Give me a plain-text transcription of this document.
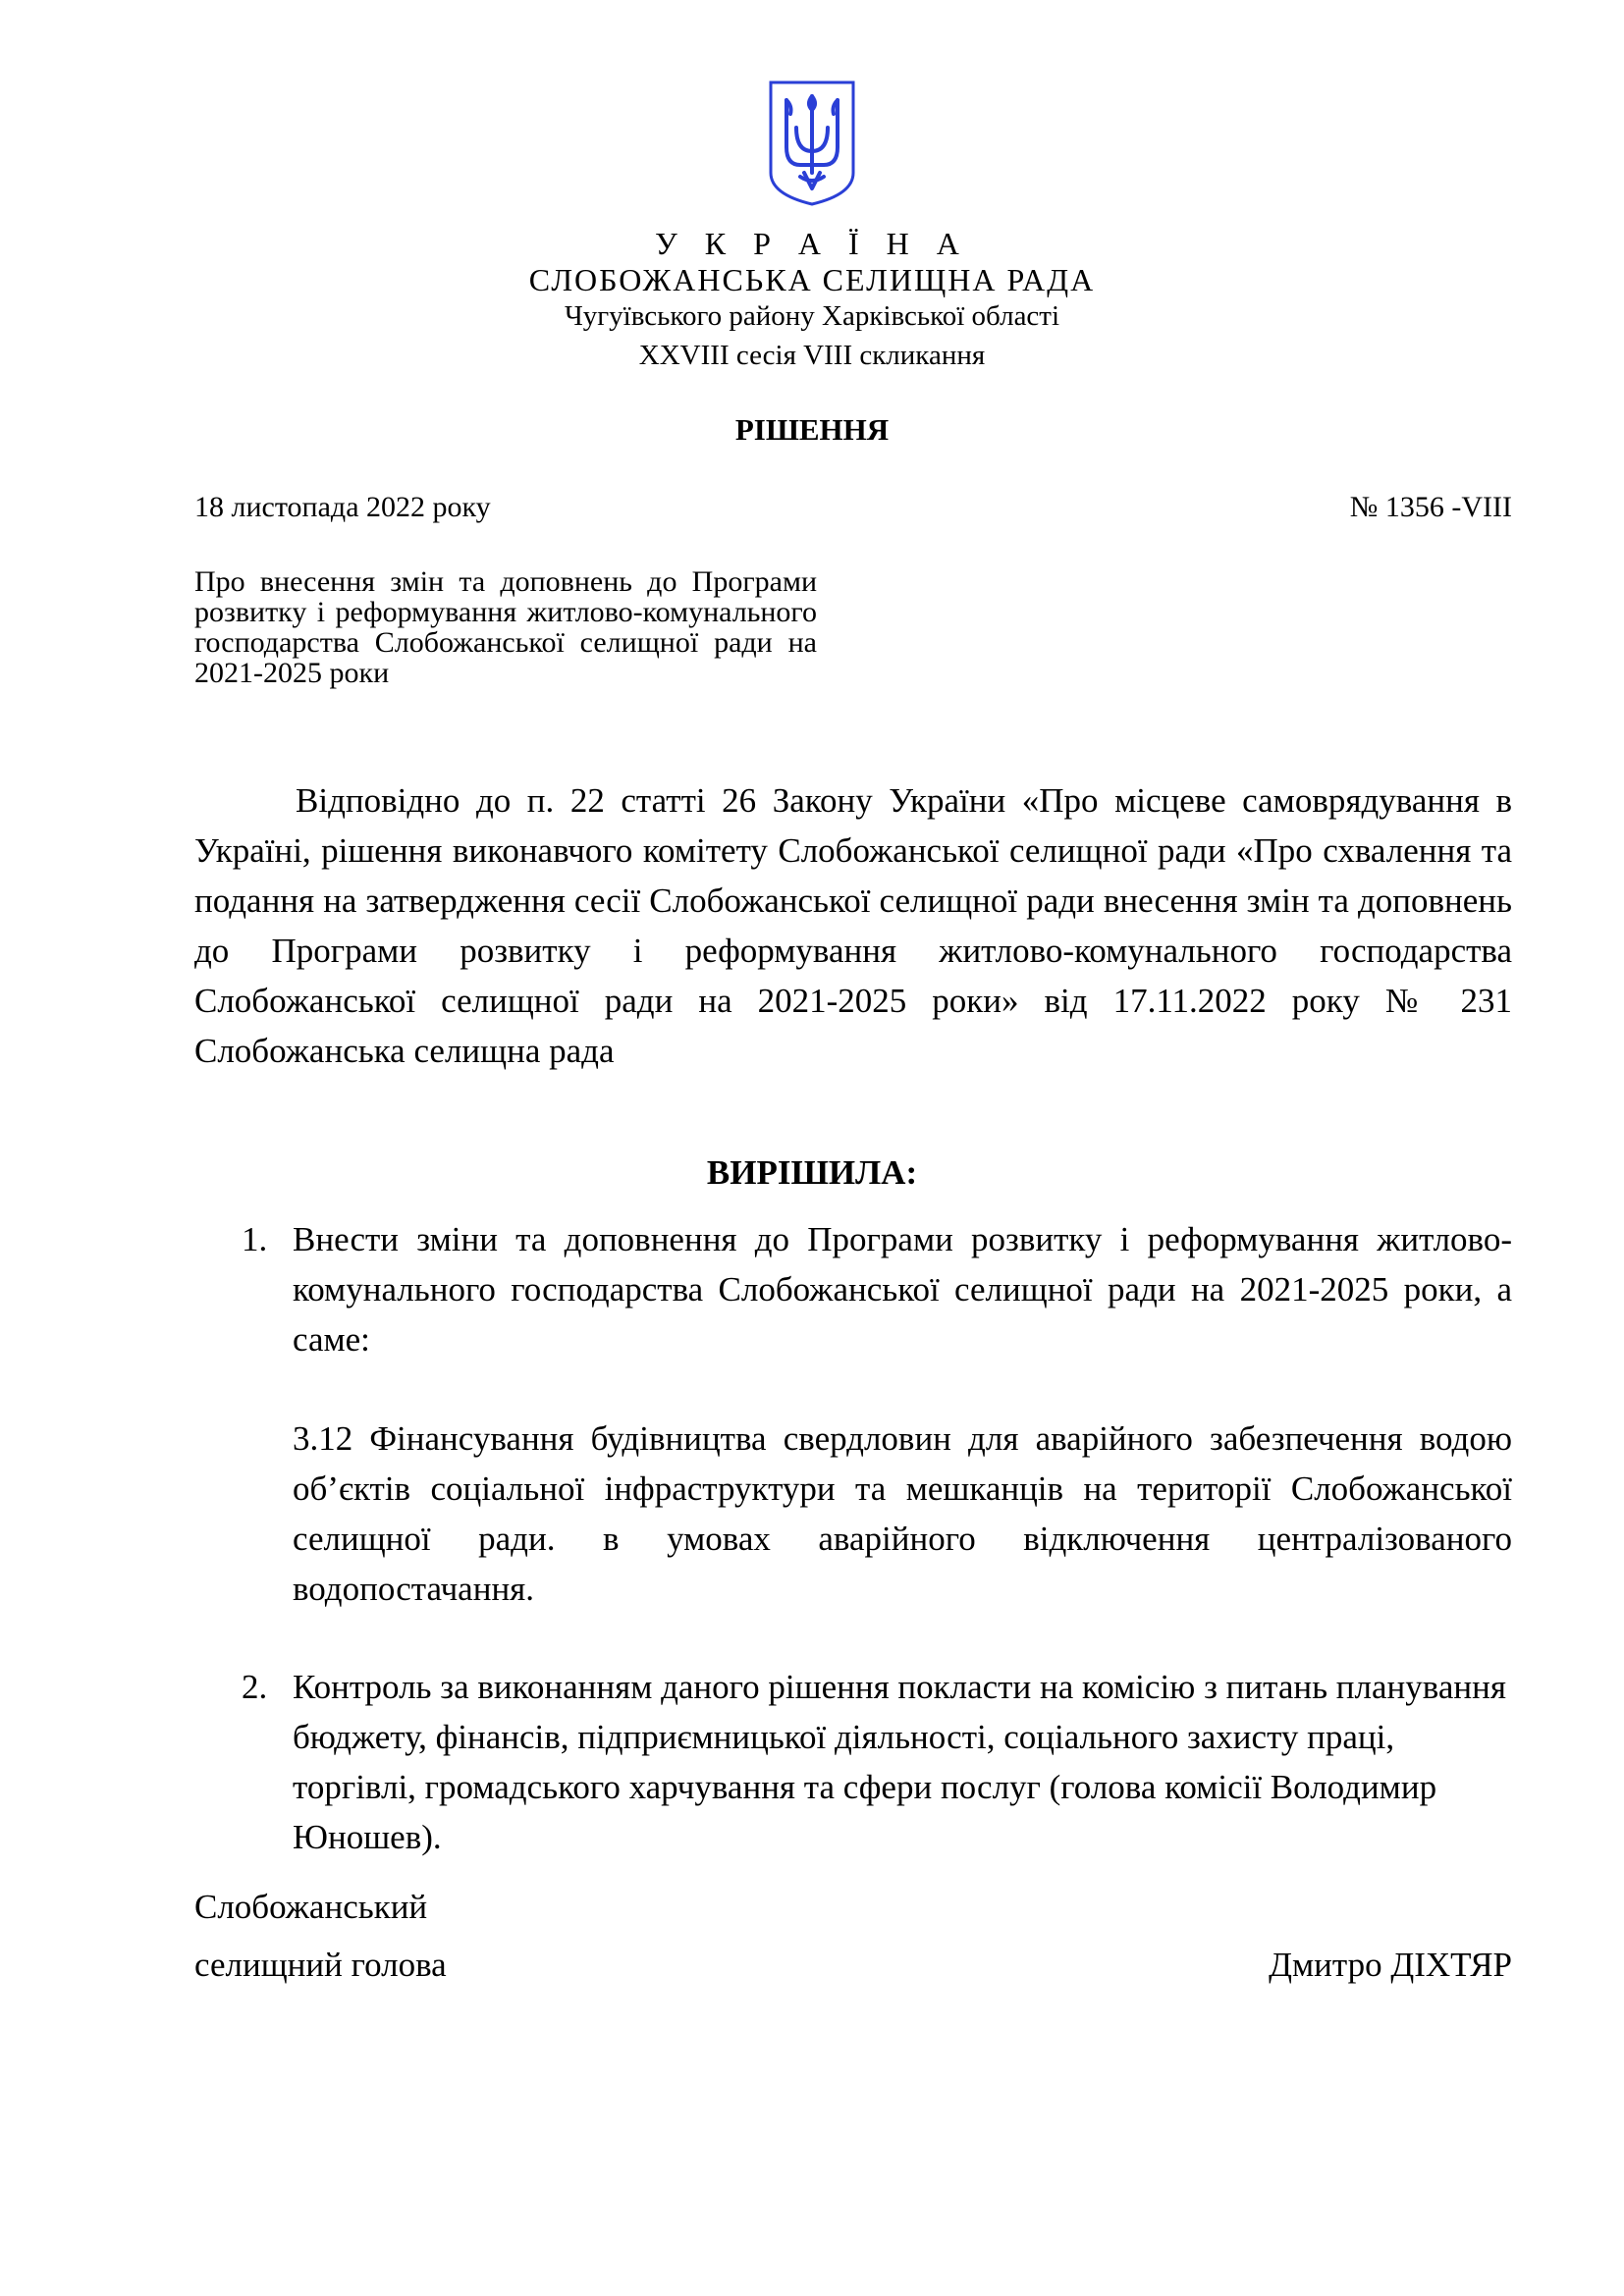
У К Р А Ї Н А
СЛОБОЖАНСЬКА СЕЛИЩНА РАДА
Чугуївського району Харківської області
XXVIII сесія VIII скликання
РІШЕННЯ
18 листопада 2022 року	№ 1356 -VIII
Про внесення змін та доповнень до Програми розвитку і реформування житлово-комунального господарства Слобожанської селищної ради на 2021-2025 роки
Відповідно до п. 22 статті 26 Закону України «Про місцеве самоврядування в Україні, рішення виконавчого комітету Слобожанської селищної ради «Про схвалення та подання на затвердження сесії Слобожанської селищної ради внесення змін та доповнень до Програми розвитку і реформування житлово-комунального господарства Слобожанської селищної ради на 2021-2025 роки» від 17.11.2022 року № 231 Слобожанська селищна рада
ВИРІШИЛА:
1. Внести зміни та доповнення до Програми розвитку і реформування житлово-комунального господарства Слобожанської селищної ради на 2021-2025 роки, а саме:
3.12 Фінансування будівництва свердловин для аварійного забезпечення водою об’єктів соціальної інфраструктури та мешканців на території Слобожанської селищної ради. в умовах аварійного відключення централізованого водопостачання.
2. Контроль за виконанням даного рішення покласти на комісію з питань планування бюджету, фінансів, підприємницької діяльності, соціального захисту праці, торгівлі, громадського харчування та сфери послуг (голова комісії Володимир Юношев).
Слобожанський
селищний голова	Дмитро ДІХТЯР
